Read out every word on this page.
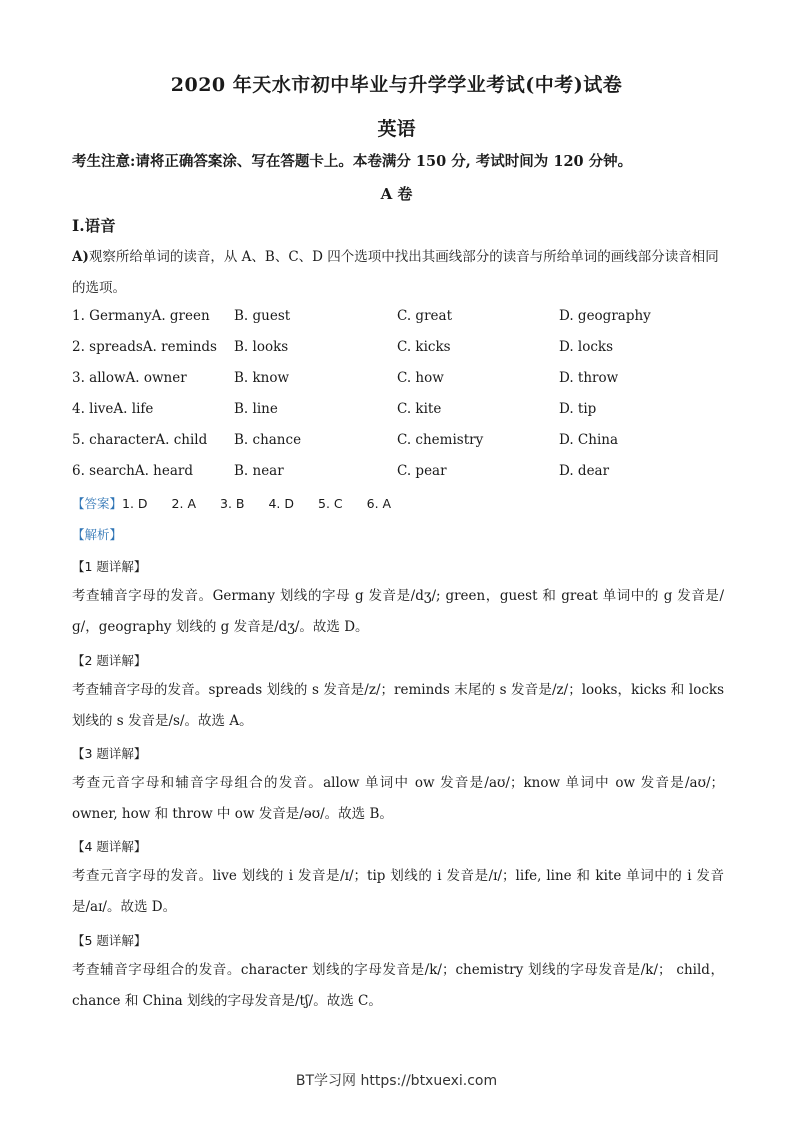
2020 年天水市初中毕业与升学学业考试(中考)试卷
英语
考生注意:请将正确答案涂、写在答题卡上。本卷满分 150 分, 考试时间为 120 分钟。
A 卷
I.语音
A)观察所给单词的读音，从 A、B、C、D 四个选项中找出其画线部分的读音与所给单词的画线部分读音相同的选项。
1. GermanyA. green B. guest	C. great	D. geography
2. spreadsA. reminds B. looks	C. kicks	D. locks
3. allowA. owner	B. know	C. how	D. throw
4. liveA. life	B. line	C. kite	D. tip
5. characterA. child B. chance	C. chemistry	D. China
6. searchA. heard	B. near	C. pear	D. dear
【答案】1. D 2. A 3. B 4. D 5. C 6. A
【解析】
【1 题详解】
考查辅音字母的发音。Germany 划线的字母 g 发音是/dʒ/; green，guest 和 great 单词中的 g 发音是/ɡ/，geography 划线的 g 发音是/dʒ/。故选 D。
【2 题详解】
考查辅音字母的发音。spreads 划线的 s 发音是/z/；reminds 末尾的 s 发音是/z/；looks，kicks 和 locks 划线的 s 发音是/s/。故选 A。
【3 题详解】
考查元音字母和辅音字母组合的发音。allow 单词中 ow 发音是/aʊ/；know 单词中 ow 发音是/aʊ/；owner, how 和 throw 中 ow 发音是/əʊ/。故选 B。
【4 题详解】
考查元音字母的发音。live 划线的 i 发音是/ɪ/；tip 划线的 i 发音是/ɪ/；life, line 和 kite 单词中的 i 发音是/aɪ/。故选 D。
【5 题详解】
考查辅音字母组合的发音。character 划线的字母发音是/k/；chemistry 划线的字母发音是/k/； child，chance 和 China 划线的字母发音是/tʃ/。故选 C。
BT学习网 https://btxuexi.com
